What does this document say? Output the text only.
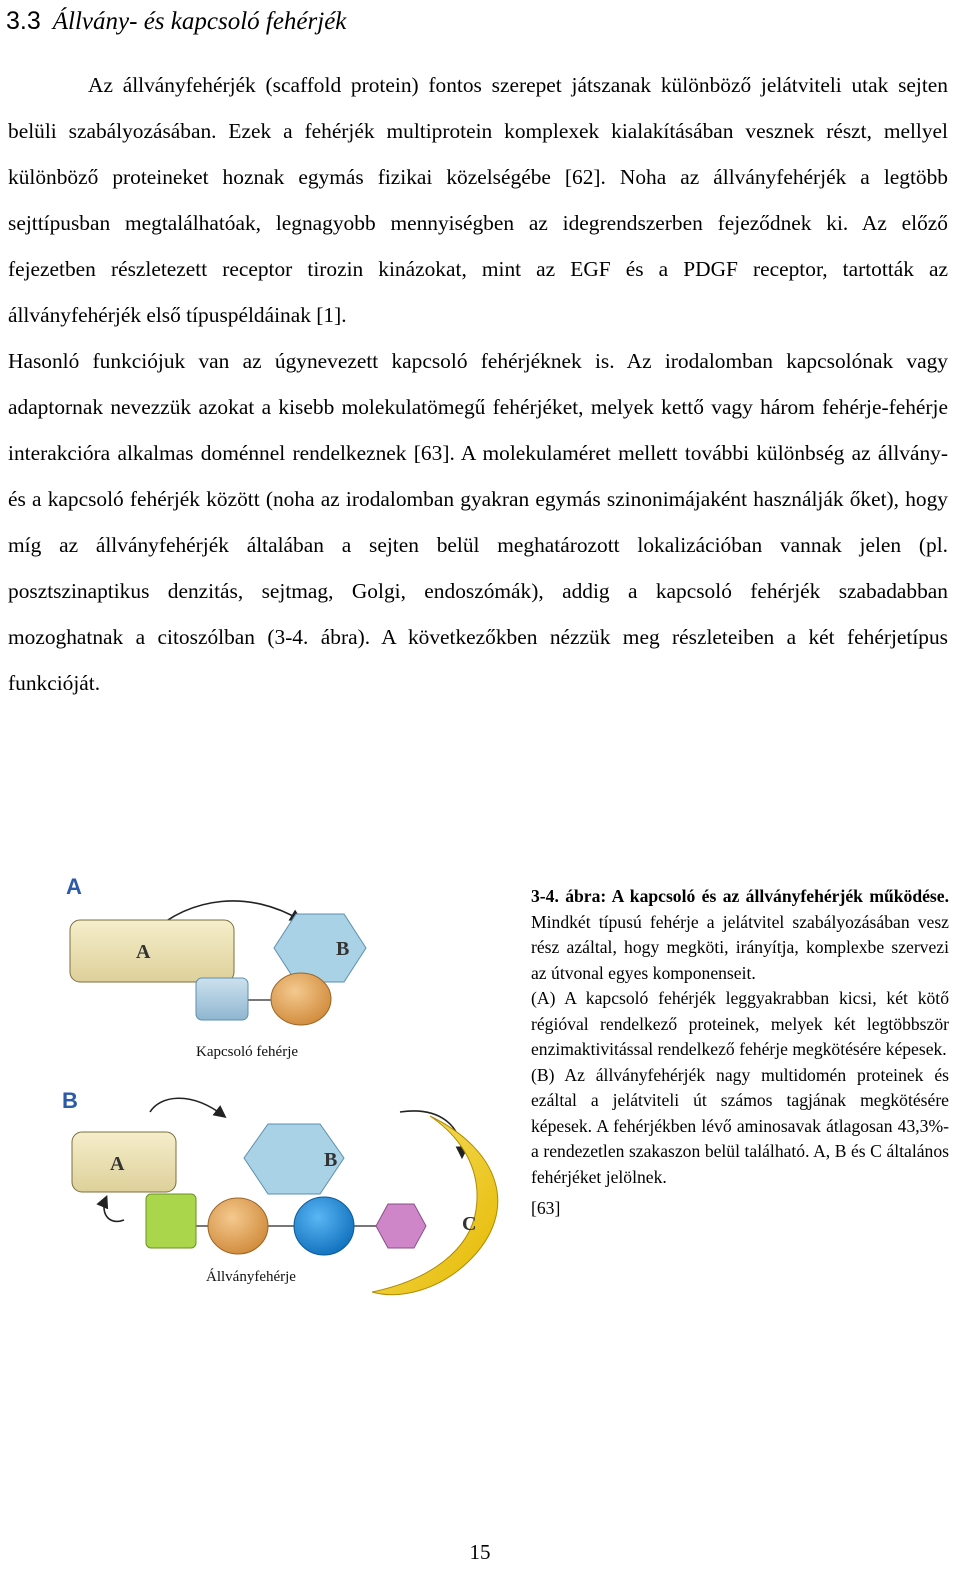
3.3 Állvány- és kapcsoló fehérjék

Az állványfehérjék (scaffold protein) fontos szerepet játszanak különböző jelátviteli utak sejten belüli szabályozásában. Ezek a fehérjék multiprotein komplexek kialakításában vesznek részt, mellyel különböző proteineket hoznak egymás fizikai közelségébe [62]. Noha az állványfehérjék a legtöbb sejttípusban megtalálhatóak, legnagyobb mennyiségben az idegrendszerben fejeződnek ki. Az előző fejezetben részletezett receptor tirozin kinázokat, mint az EGF és a PDGF receptor, tartották az állványfehérjék első típuspéldáinak [1].

Hasonló funkciójuk van az úgynevezett kapcsoló fehérjéknek is. Az irodalomban kapcsolónak vagy adaptornak nevezzük azokat a kisebb molekulatömegű fehérjéket, melyek kettő vagy három fehérje-fehérje interakcióra alkalmas doménnel rendelkeznek [63]. A molekulaméret mellett további különbség az állvány- és a kapcsoló fehérjék között (noha az irodalomban gyakran egymás szinonimájaként használják őket), hogy míg az állványfehérjék általában a sejten belül meghatározott lokalizációban vannak jelen (pl. posztszinaptikus denzitás, sejtmag, Golgi, endoszómák), addig a kapcsoló fehérjék szabadabban mozoghatnak a citoszólban (3-4. ábra). A következőkben nézzük meg részleteiben a két fehérjetípus funkcióját.

A
A	B
Kapcsoló fehérje
B
A	B
C
Állványfehérje

3-4. ábra: A kapcsoló és az állványfehérjék működése. Mindkét típusú fehérje a jelátvitel szabályozásában vesz rész azáltal, hogy megköti, irányítja, komplexbe szervezi az útvonal egyes komponenseit.

(A) A kapcsoló fehérjék leggyakrabban kicsi, két kötő régióval rendelkező proteinek, melyek két legtöbbször enzimaktivitással rendelkező fehérje megkötésére képesek.

(B) Az állványfehérjék nagy multidomén proteinek és ezáltal a jelátviteli út számos tagjának megkötésére képesek. A fehérjékben lévő aminosavak átlagosan 43,3%-a rendezetlen szakaszon belül található. A, B és C általános fehérjéket jelölnek.

[63]

15
